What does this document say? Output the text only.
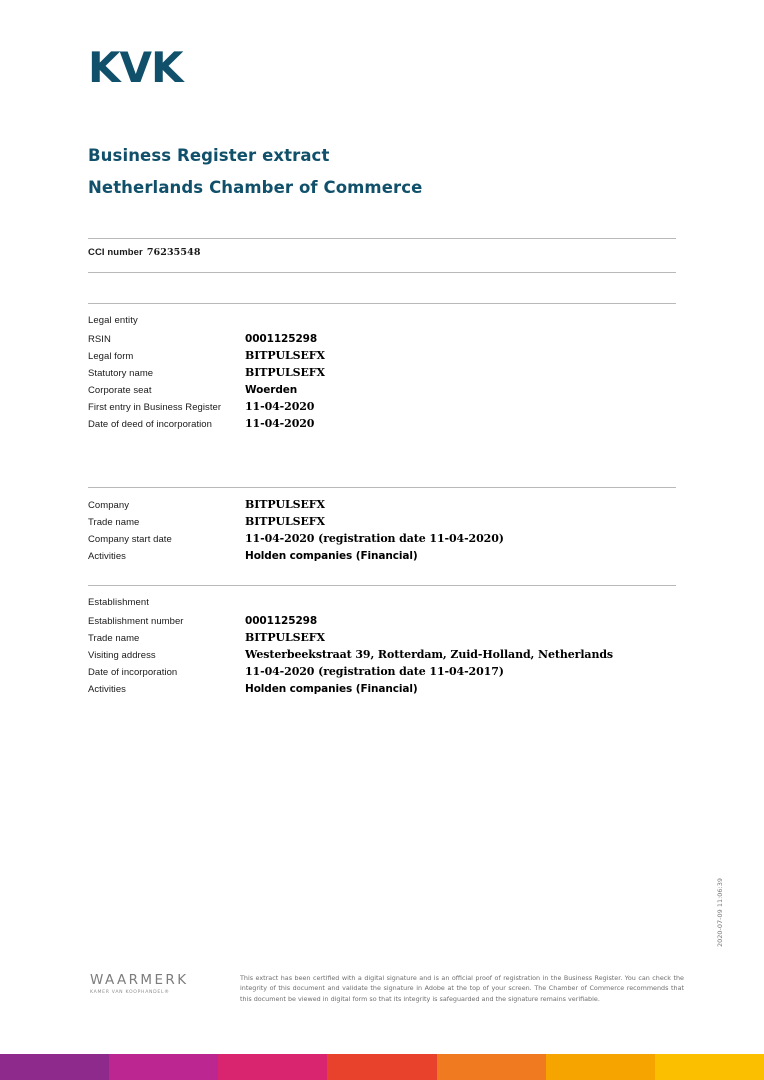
KVK
Business Register extract
Netherlands Chamber of Commerce
CCI number 76235548
Legal entity
RSIN	0001125298
Legal form	BITPULSEFX
Statutory name	BITPULSEFX
Corporate seat	Woerden
First entry in Business Register	11-04-2020
Date of deed of incorporation	11-04-2020
Company	BITPULSEFX
Trade name	BITPULSEFX
Company start date	11-04-2020 (registration date 11-04-2020)
Activities	Holden companies (Financial)
Establishment
Establishment number	0001125298
Trade name	BITPULSEFX
Visiting address	Westerbeekstraat 39, Rotterdam, Zuid-Holland, Netherlands
Date of incorporation	11-04-2020 (registration date 11-04-2017)
Activities	Holden companies (Financial)
WAARMERK
KAMER VAN KOOPHANDEL®
This extract has been certified with a digital signature and is an official proof of registration in the Business Register. You can check the integrity of this document and validate the signature in Adobe at the top of your screen. The Chamber of Commerce recommends that this document be viewed in digital form so that its integrity is safeguarded and the signature remains verifiable.
2020-07-09 11:06:39
